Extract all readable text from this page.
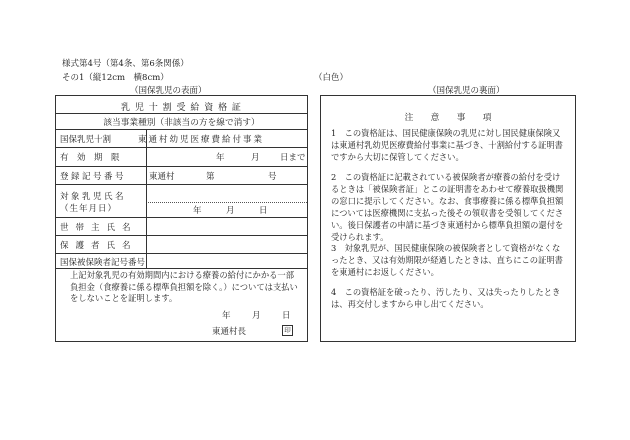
様式第4号（第4条、第6条関係）
その1（縦12cm　横8cm）	（白色）
（国保乳児の表面）	（国保乳児の裏面）
乳 児 十 割 受 給 資 格 証
該当事業種別（非該当の方を線で消す）
国保乳児十割	東通村幼児医療費給付事業
有　効　期　限	年	月 日まで
登録記号番号	東通村	第	号
対象乳児氏名
（生年月日）	年	月	日
世帯主氏名
保護者氏名
国保被保険者記号番号
上記対象乳児の有効期間内における療養の給付にかかる一部負担金（食療養に係る標準負担額を除く。）については支払いをしないことを証明します。
年	月	日
東通村長	印
注　　意　　事　　項
1　この資格証は、国民健康保険の乳児に対し国民健康保険又は東通村乳幼児医療費給付事業に基づき、十割給付する証明書ですから大切に保管してください。
2　この資格証に記載されている被保険者が療養の給付を受けるときは「被保険者証」とこの証明書をあわせて療養取扱機関の窓口に提示してください。なお、食事療養に係る標準負担額については医療機関に支払った後その領収書を受領してください。後日保護者の申請に基づき東通村から標準負担額の還付を受けられます。
3　対象乳児が、国民健康保険の被保険者として資格がなくなったとき、又は有効期限が経過したときは、直ちにこの証明書を東通村にお返しください。
4　この資格証を破ったり、汚したり、又は失ったりしたときは、再交付しますから申し出てください。
